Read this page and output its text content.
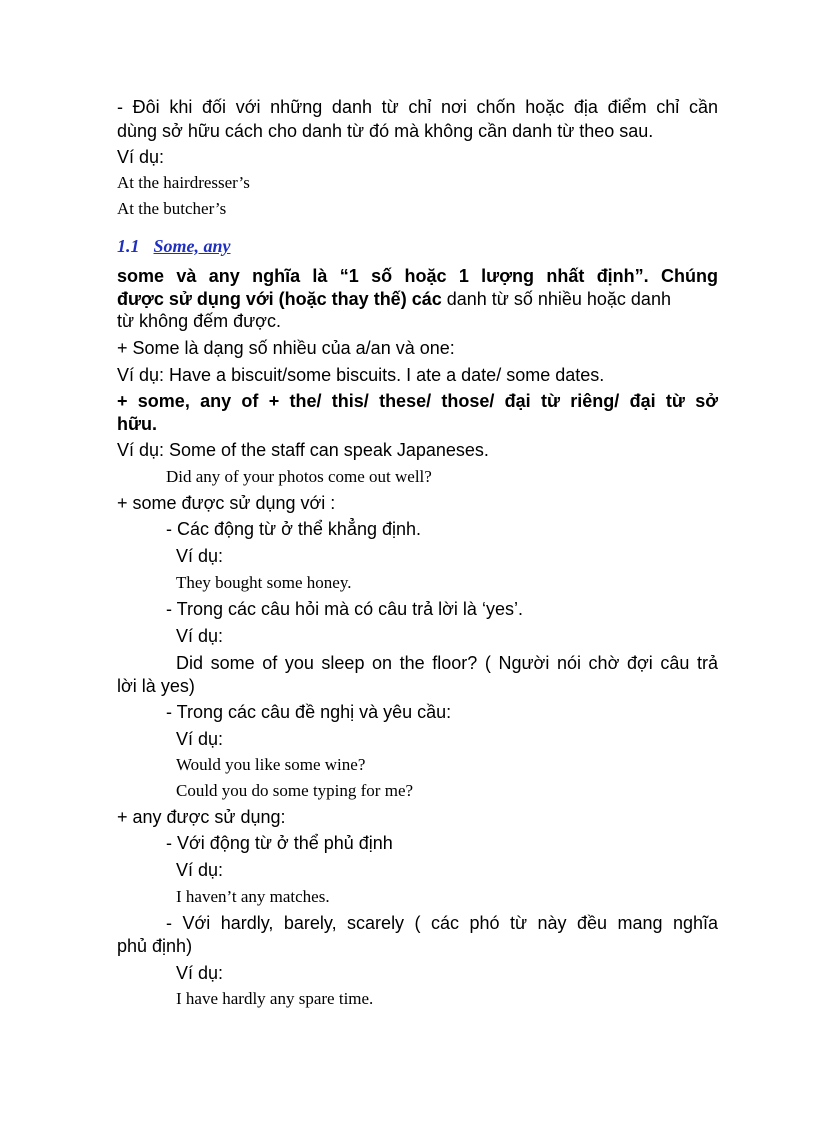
- Đôi khi đối với những danh từ chỉ nơi chốn hoặc địa điểm chỉ cần
dùng sở hữu cách cho danh từ đó mà không cần danh từ theo sau.
Ví dụ:
At the hairdresser’s
At the butcher’s
1.1 Some, any
some và any nghĩa là “1 số hoặc 1 lượng nhất định”. Chúng
được sử dụng với (hoặc thay thế) các danh từ số nhiều hoặc danh
từ không đếm được.
+ Some là dạng số nhiều của a/an và one:
Ví dụ: Have a biscuit/some biscuits. I ate a date/ some dates.
+ some, any of + the/ this/ these/ those/ đại từ riêng/ đại từ sở
hữu.
Ví dụ: Some of the staff can speak Japaneses.
Did any of your photos come out well?
+ some được sử dụng với :
- Các động từ ở thể khẳng định.
Ví dụ:
They bought some honey.
- Trong các câu hỏi mà có câu trả lời là ‘yes’.
Ví dụ:
Did some of you sleep on the floor? ( Người nói chờ đợi câu trả
lời là yes)
- Trong các câu đề nghị và yêu cầu:
Ví dụ:
Would you like some wine?
Could you do some typing for me?
+ any được sử dụng:
- Với động từ ở thể phủ định
Ví dụ:
I haven’t any matches.
- Với hardly, barely, scarely ( các phó từ này đều mang nghĩa
phủ định)
Ví dụ:
I have hardly any spare time.
